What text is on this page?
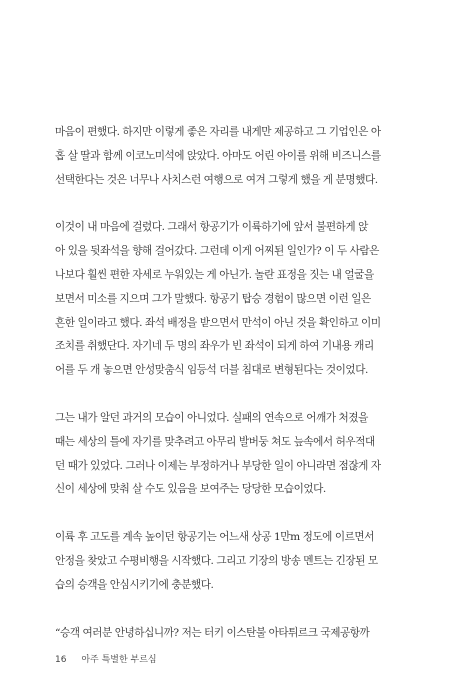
마음이 편했다. 하지만 이렇게 좋은 자리를 내게만 제공하고 그 기업인은 아
홉 살 딸과 함께 이코노미석에 앉았다. 아마도 어린 아이를 위해 비즈니스를
선택한다는 것은 너무나 사치스런 여행으로 여겨 그렇게 했을 게 분명했다.

이것이 내 마음에 걸렸다. 그래서 항공기가 이륙하기에 앞서 불편하게 앉
아 있을 뒷좌석을 향해 걸어갔다. 그런데 이게 어찌된 일인가? 이 두 사람은
나보다 훨씬 편한 자세로 누워있는 게 아닌가. 놀란 표정을 짓는 내 얼굴을
보면서 미소를 지으며 그가 말했다. 항공기 탑승 경험이 많으면 이런 일은
흔한 일이라고 했다. 좌석 배정을 받으면서 만석이 아닌 것을 확인하고 이미
조치를 취했단다. 자기네 두 명의 좌우가 빈 좌석이 되게 하여 기내용 캐리
어를 두 개 놓으면 안성맞춤식 임등석 더블 침대로 변형된다는 것이었다.

그는 내가 알던 과거의 모습이 아니었다. 실패의 연속으로 어깨가 처졌을
때는 세상의 틀에 자기를 맞추려고 아무리 발버둥 쳐도 늪속에서 허우적대
던 때가 있었다. 그러나 이제는 부정하거나 부당한 일이 아니라면 점잖게 자
신이 세상에 맞춰 살 수도 있음을 보여주는 당당한 모습이었다.

이륙 후 고도를 계속 높이던 항공기는 어느새 상공 1만m 정도에 이르면서
안정을 찾았고 수평비행을 시작했다. 그리고 기장의 방송 멘트는 긴장된 모
습의 승객을 안심시키기에 충분했다.

“승객 여러분 안녕하십니까? 저는 터키 이스탄불 아타튀르크 국제공항까

16 아주 특별한 부르심
